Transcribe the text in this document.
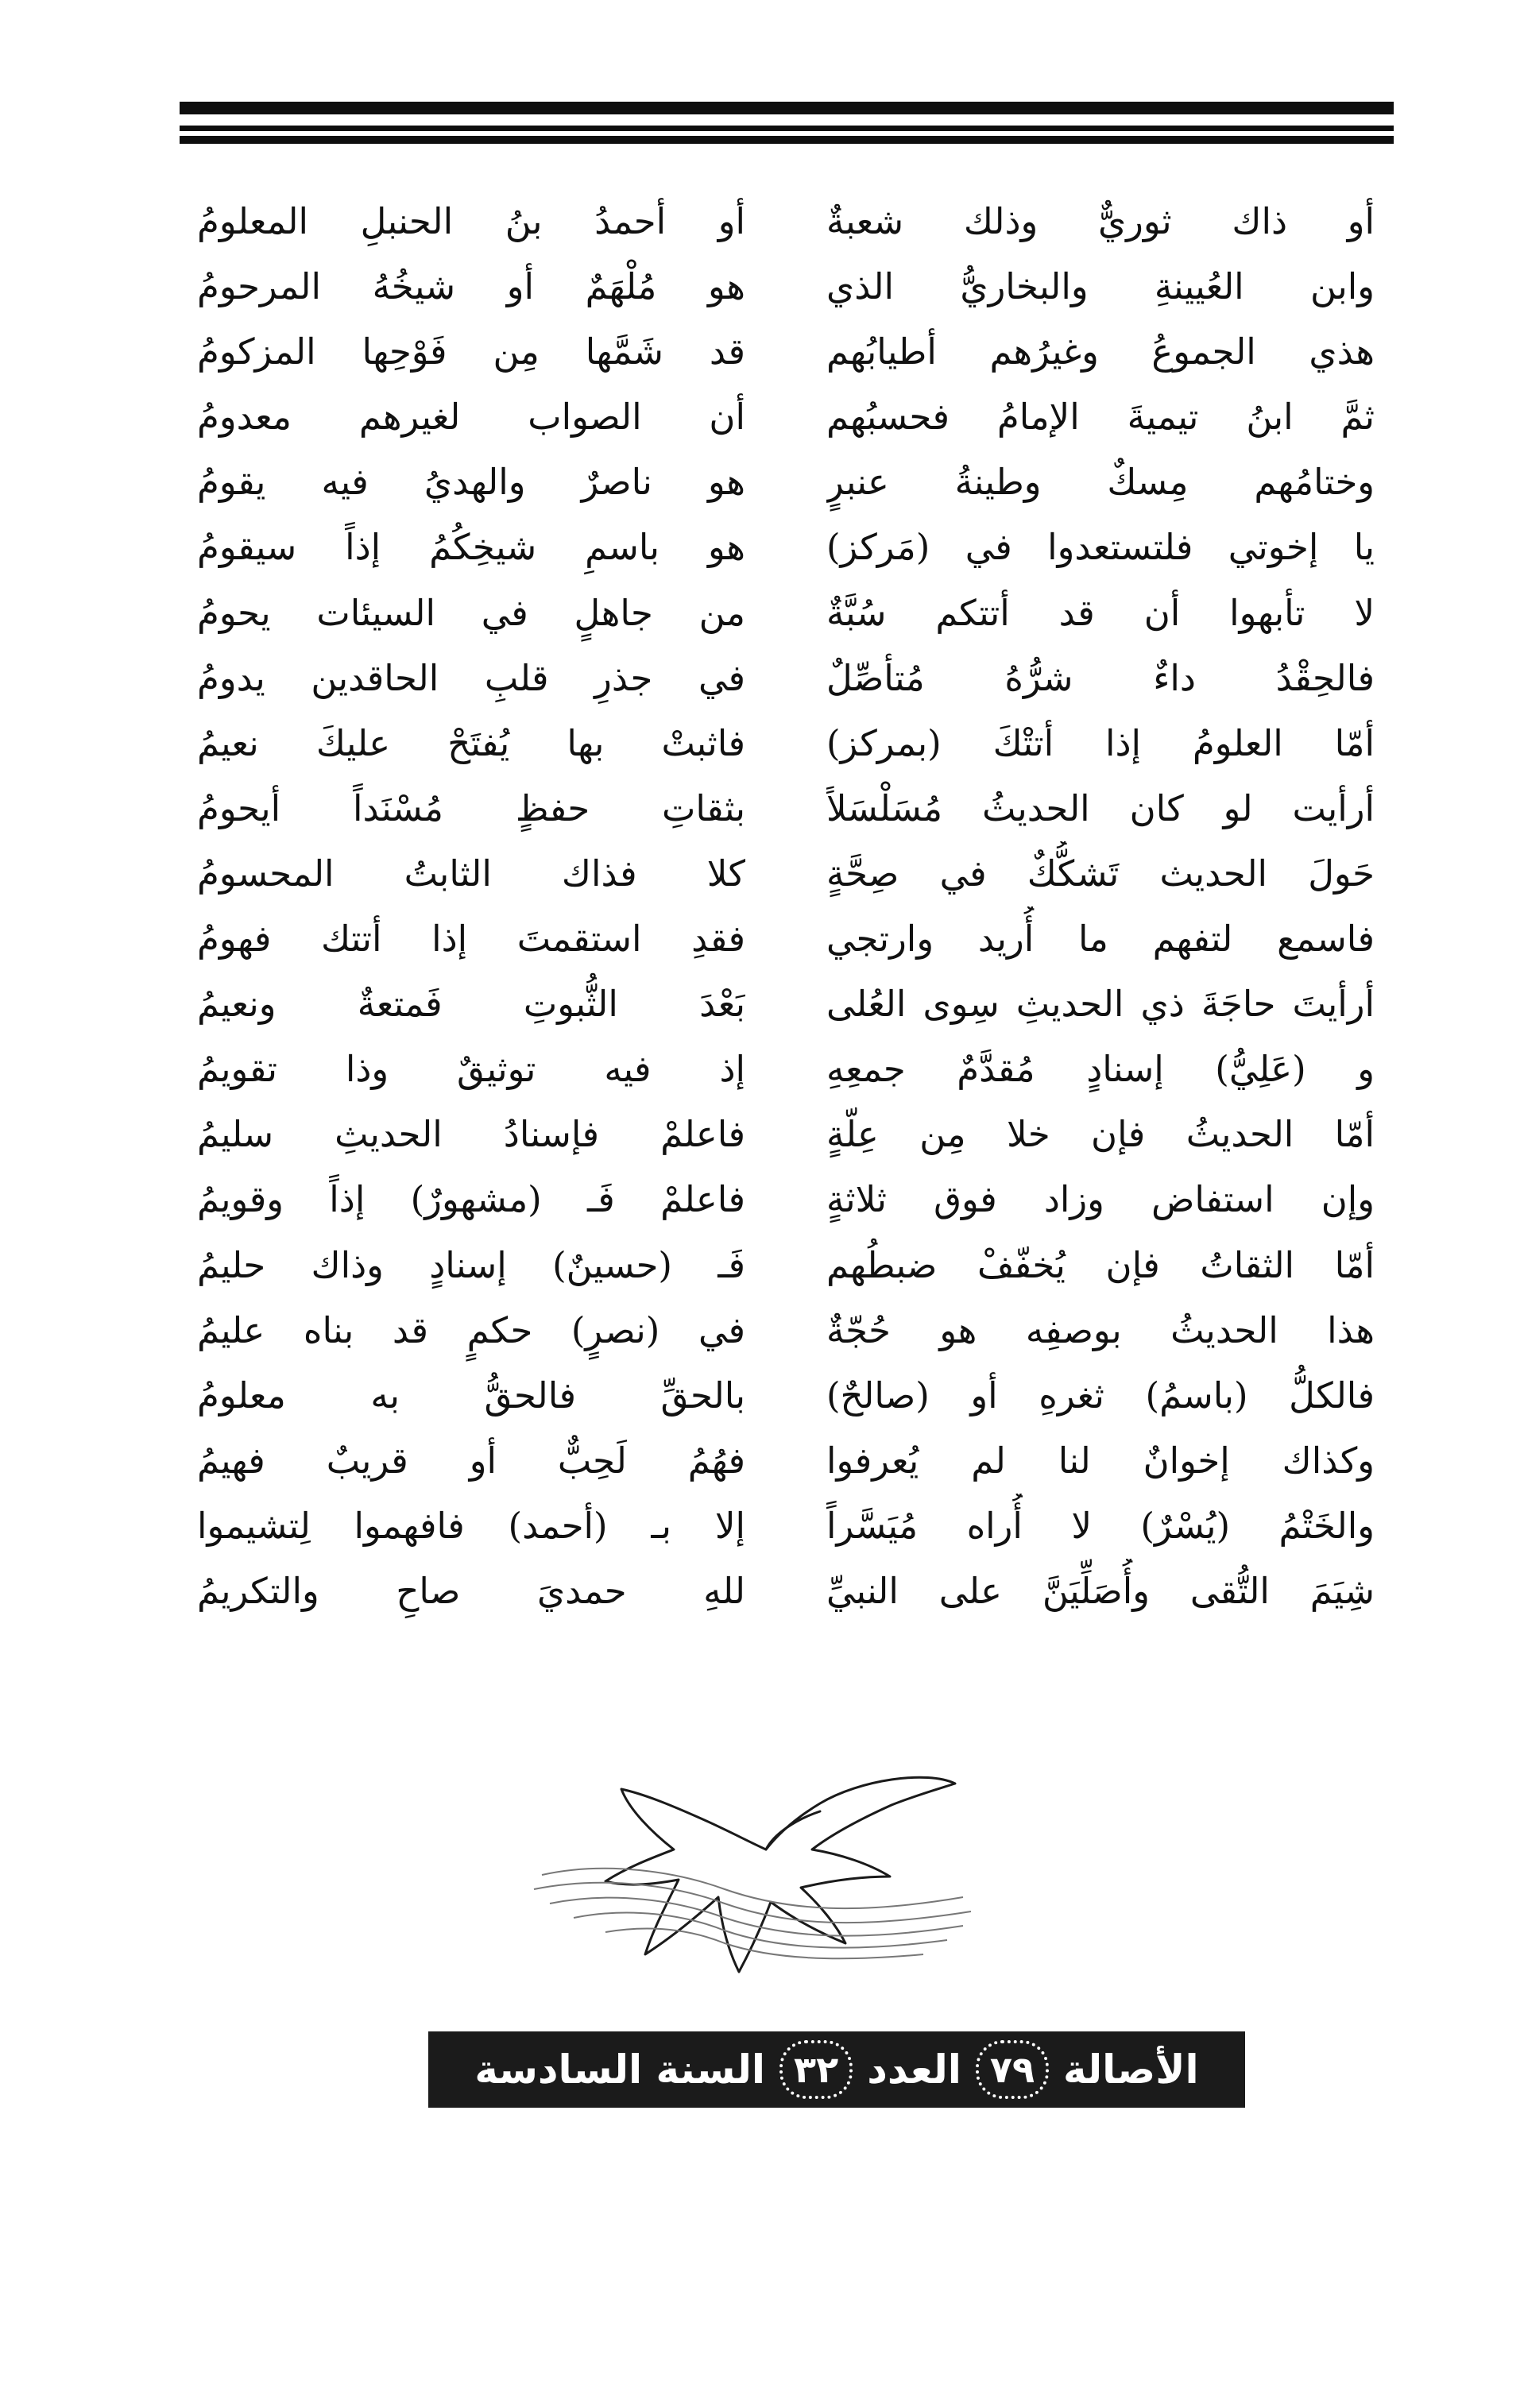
أو ذاك ثوريٌّ وذلك شعبةٌ
وابن العُيينةِ والبخاريُّ الذي
هذي الجموعُ وغيرُهم أطيابُهم
ثمَّ ابنُ تيميةَ الإمامُ فحسبُهم
وختامُهم مِسكٌ وطينةُ عنبرٍ
يا إخوتي فلتستعدوا في (مَركز)
لا تأبهوا أن قد أتتكم سُبَّةٌ
فالحِقْدُ داءٌ شرُّهُ مُتأصِّلٌ
أمّا العلومُ إذا أتتْكَ (بمركز)
أرأيت لو كان الحديثُ مُسَلْسَلاً
حَولَ الحديث تَشكُّكٌ في صِحَّةٍ
فاسمع لتفهم ما أُريد وارتجي
أرأيتَ حاجَةَ ذي الحديثِ سِوى العُلى
و (عَلِيُّ) إسنادٍ مُقدَّمٌ جمعِهِ
أمّا الحديثُ فإن خلا مِن عِلّةٍ
وإن استفاض وزاد فوق ثلاثةٍ
أمّا الثقاتُ فإن يُخفّفْ ضبطُهم
هذا الحديثُ بوصفِه هو حُجّةٌ
فالكلُّ (باسمُ) ثغرهِ أو (صالحٌ)
وكذاك إخوانٌ لنا لم يُعرفوا
والخَتْمُ (يُسْرٌ) لا أُراه مُيَسَّراً
شِيَمَ التُّقى وأُصَلِّيَنَّ على النبيِّ
أو أحمدُ بنُ الحنبلِ المعلومُ
هو مُلْهَمٌ أو شيخُهُ المرحومُ
قد شَمَّها مِن فَوْحِها المزكومُ
أن الصواب لغيرهم معدومُ
هو ناصرٌ والهديُ فيه يقومُ
هو باسمِ شيخِكُمُ إذاً سيقومُ
من جاهلٍ في السيئات يحومُ
في جذرِ قلبِ الحاقدين يدومُ
فاثبتْ بها يُفتَحْ عليكَ نعيمُ
بثقاتِ حفظٍ مُسْنَداً أيحومُ
كلا فذاك الثابتُ المحسومُ
فقدِ استقمتَ إذا أتتك فهومُ
بَعْدَ الثُّبوتِ فَمتعةٌ ونعيمُ
إذ فيه توثيقٌ وذا تقويمُ
فاعلمْ فإسنادُ الحديثِ سليمُ
فاعلمْ فَـ (مشهورٌ) إذاً وقويمُ
فَـ (حسينٌ) إسنادٍ وذاك حليمُ
في (نصرٍ) حكمٍ قد بناه عليمُ
بالحقِّ فالحقُّ به معلومُ
فهُمُ لَحِبٌّ أو قريبٌ فهيمُ
إلا بـ (أحمد) فافهموا لِتشيموا
للهِ حمديَ صاحِ والتكريمُ
الأصالة
٧٩
العدد
٣٢
السنة السادسة
